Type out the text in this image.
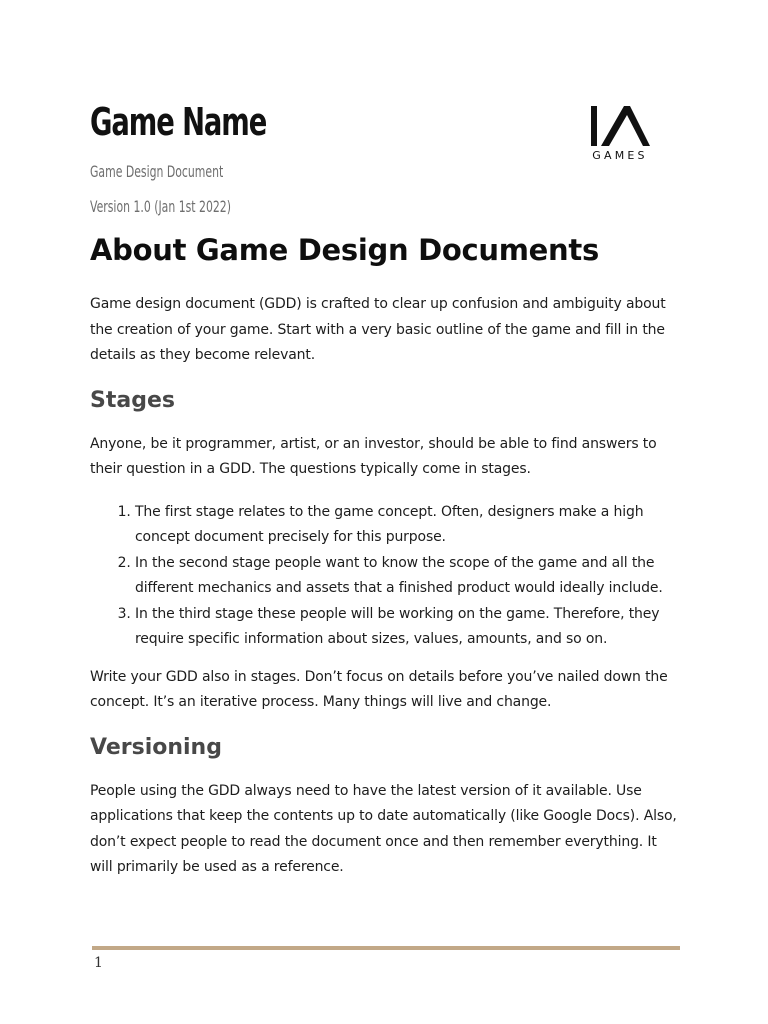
Game Name
Game Design Document
Version 1.0 (Jan 1st 2022)
GAMES
About Game Design Documents

Game design document (GDD) is crafted to clear up confusion and ambiguity about the creation of your game. Start with a very basic outline of the game and fill in the details as they become relevant.

Stages

Anyone, be it programmer, artist, or an investor, should be able to find answers to their question in a GDD. The questions typically come in stages.

1. The first stage relates to the game concept. Often, designers make a high concept document precisely for this purpose.
2. In the second stage people want to know the scope of the game and all the different mechanics and assets that a finished product would ideally include.
3. In the third stage these people will be working on the game. Therefore, they require specific information about sizes, values, amounts, and so on.

Write your GDD also in stages. Don’t focus on details before you’ve nailed down the concept. It’s an iterative process. Many things will live and change.

Versioning

People using the GDD always need to have the latest version of it available. Use applications that keep the contents up to date automatically (like Google Docs). Also, don’t expect people to read the document once and then remember everything. It will primarily be used as a reference.

1
